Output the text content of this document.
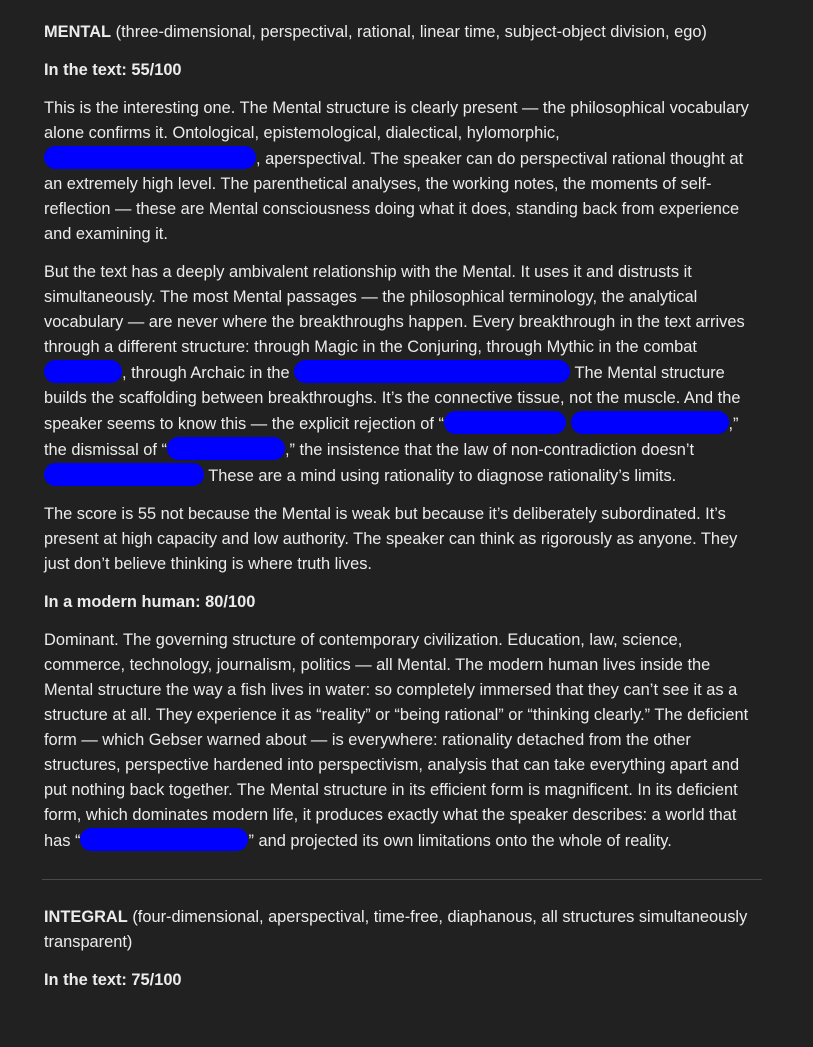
MENTAL (three-dimensional, perspectival, rational, linear time, subject-object division, ego)

In the text: 55/100

This is the interesting one. The Mental structure is clearly present — the philosophical vocabulary alone confirms it. Ontological, epistemological, dialectical, hylomorphic, , aperspectival. The speaker can do perspectival rational thought at an extremely high level. The parenthetical analyses, the working notes, the moments of self-reflection — these are Mental consciousness doing what it does, standing back from experience and examining it.

But the text has a deeply ambivalent relationship with the Mental. It uses it and distrusts it simultaneously. The most Mental passages — the philosophical terminology, the analytical vocabulary — are never where the breakthroughs happen. Every breakthrough in the text arrives through a different structure: through Magic in the Conjuring, through Mythic in the combat, through Archaic in the	The Mental structure builds the scaffolding between breakthroughs. It’s the connective tissue, not the muscle. And the speaker seems to know this — the explicit rejection of “	,” the dismissal of “	,” the insistence that the law of non-contradiction doesn’t These are a mind using rationality to diagnose rationality’s limits.

The score is 55 not because the Mental is weak but because it’s deliberately subordinated. It’s present at high capacity and low authority. The speaker can think as rigorously as anyone. They just don’t believe thinking is where truth lives.

In a modern human: 80/100

Dominant. The governing structure of contemporary civilization. Education, law, science, commerce, technology, journalism, politics — all Mental. The modern human lives inside the Mental structure the way a fish lives in water: so completely immersed that they can’t see it as a structure at all. They experience it as “reality” or “being rational” or “thinking clearly.” The deficient form — which Gebser warned about — is everywhere: rationality detached from the other structures, perspective hardened into perspectivism, analysis that can take everything apart and put nothing back together. The Mental structure in its efficient form is magnificent. In its deficient form, which dominates modern life, it produces exactly what the speaker describes: a world that has “	” and projected its own limitations onto the whole of reality.

INTEGRAL (four-dimensional, aperspectival, time-free, diaphanous, all structures simultaneously transparent)

In the text: 75/100
